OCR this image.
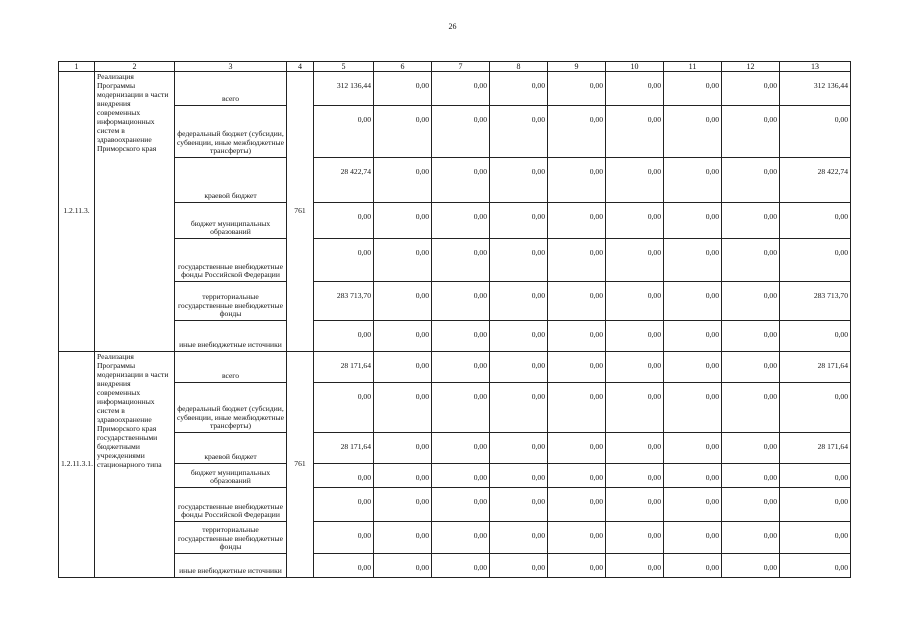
26
1	2	3	4	5	6	7	8	9	10	11	12	13
1.2.11.3.	Реализация Программы модернизации в части внедрения современных информационных систем в здравоохранение Приморского края	всего	761	312 136,44	0,00	0,00	0,00	0,00	0,00	0,00	0,00	312 136,44
		федеральный бюджет (субсидии, субвенции, иные межбюджетные трансферты)		0,00	0,00	0,00	0,00	0,00	0,00	0,00	0,00	0,00
		краевой бюджет		28 422,74	0,00	0,00	0,00	0,00	0,00	0,00	0,00	28 422,74
		бюджет муниципальных образований		0,00	0,00	0,00	0,00	0,00	0,00	0,00	0,00	0,00
		государственные внебюджетные фонды Российской Федерации		0,00	0,00	0,00	0,00	0,00	0,00	0,00	0,00	0,00
		территориальные государственные внебюджетные фонды		283 713,70	0,00	0,00	0,00	0,00	0,00	0,00	0,00	283 713,70
		иные внебюджетные источники		0,00	0,00	0,00	0,00	0,00	0,00	0,00	0,00	0,00
1.2.11.3.1.	Реализация Программы модернизации в части внедрения современных информационных систем в здравоохранение Приморского края государственными бюджетными учреждениями стационарного типа	всего	761	28 171,64	0,00	0,00	0,00	0,00	0,00	0,00	0,00	28 171,64
		федеральный бюджет (субсидии, субвенции, иные межбюджетные трансферты)		0,00	0,00	0,00	0,00	0,00	0,00	0,00	0,00	0,00
		краевой бюджет		28 171,64	0,00	0,00	0,00	0,00	0,00	0,00	0,00	28 171,64
		бюджет муниципальных образований		0,00	0,00	0,00	0,00	0,00	0,00	0,00	0,00	0,00
		государственные внебюджетные фонды Российской Федерации		0,00	0,00	0,00	0,00	0,00	0,00	0,00	0,00	0,00
		территориальные государственные внебюджетные фонды		0,00	0,00	0,00	0,00	0,00	0,00	0,00	0,00	0,00
		иные внебюджетные источники		0,00	0,00	0,00	0,00	0,00	0,00	0,00	0,00	0,00
